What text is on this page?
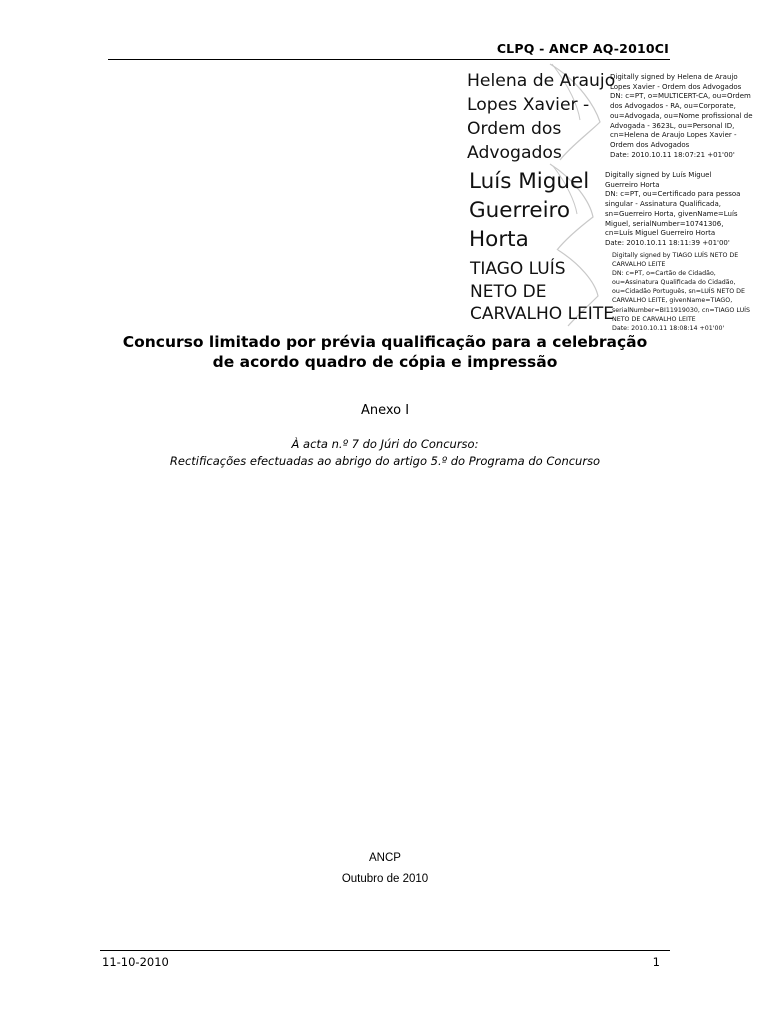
CLPQ - ANCP AQ-2010CI
Helena de Araujo
Lopes Xavier -
Ordem dos
Advogados
Digitally signed by Helena de Araujo
Lopes Xavier - Ordem dos Advogados
DN: c=PT, o=MULTICERT-CA, ou=Ordem
dos Advogados - RA, ou=Corporate,
ou=Advogada, ou=Nome profissional de
Advogada - 3623L, ou=Personal ID,
cn=Helena de Araujo Lopes Xavier -
Ordem dos Advogados
Date: 2010.10.11 18:07:21 +01'00'
Luís Miguel
Guerreiro
Horta
Digitally signed by Luís Miguel
Guerreiro Horta
DN: c=PT, ou=Certificado para pessoa
singular - Assinatura Qualificada,
sn=Guerreiro Horta, givenName=Luís
Miguel, serialNumber=10741306,
cn=Luís Miguel Guerreiro Horta
Date: 2010.10.11 18:11:39 +01'00'
TIAGO LUÍS
NETO DE
CARVALHO LEITE
Digitally signed by TIAGO LUÍS NETO DE
CARVALHO LEITE
DN: c=PT, o=Cartão de Cidadão,
ou=Assinatura Qualificada do Cidadão,
ou=Cidadão Português, sn=LUÍS NETO DE
CARVALHO LEITE, givenName=TIAGO,
serialNumber=BI11919030, cn=TIAGO LUÍS
NETO DE CARVALHO LEITE
Date: 2010.10.11 18:08:14 +01'00'
Concurso limitado por prévia qualificação para a celebração
de acordo quadro de cópia e impressão
Anexo I
À acta n.º 7 do Júri do Concurso:
Rectificações efectuadas ao abrigo do artigo 5.º do Programa do Concurso
ANCP
Outubro de 2010
11-10-2010	1
